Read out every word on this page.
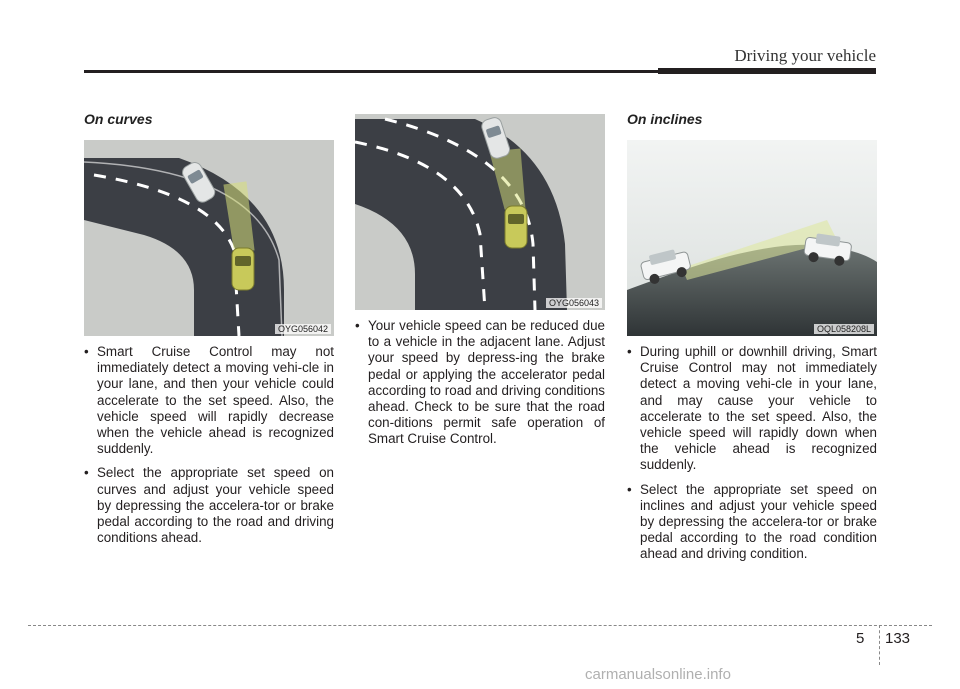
Driving your vehicle
On curves
OYG056042
• Smart Cruise Control may not immediately detect a moving vehi-cle in your lane, and then your vehicle could accelerate to the set speed. Also, the vehicle speed will rapidly decrease when the vehicle ahead is recognized suddenly.
• Select the appropriate set speed on curves and adjust your vehicle speed by depressing the accelera-tor or brake pedal according to the road and driving conditions ahead.
OYG056043
• Your vehicle speed can be reduced due to a vehicle in the adjacent lane. Adjust your speed by depress-ing the brake pedal or applying the accelerator pedal according to road and driving conditions ahead. Check to be sure that the road con-ditions permit safe operation of Smart Cruise Control.
On inclines
OQL058208L
• During uphill or downhill driving, Smart Cruise Control may not immediately detect a moving vehi-cle in your lane, and may cause your vehicle to accelerate to the set speed. Also, the vehicle speed will rapidly down when the vehicle ahead is recognized suddenly.
• Select the appropriate set speed on inclines and adjust your vehicle speed by depressing the accelera-tor or brake pedal according to the road condition ahead and driving condition.
5 133
carmanualsonline.info
